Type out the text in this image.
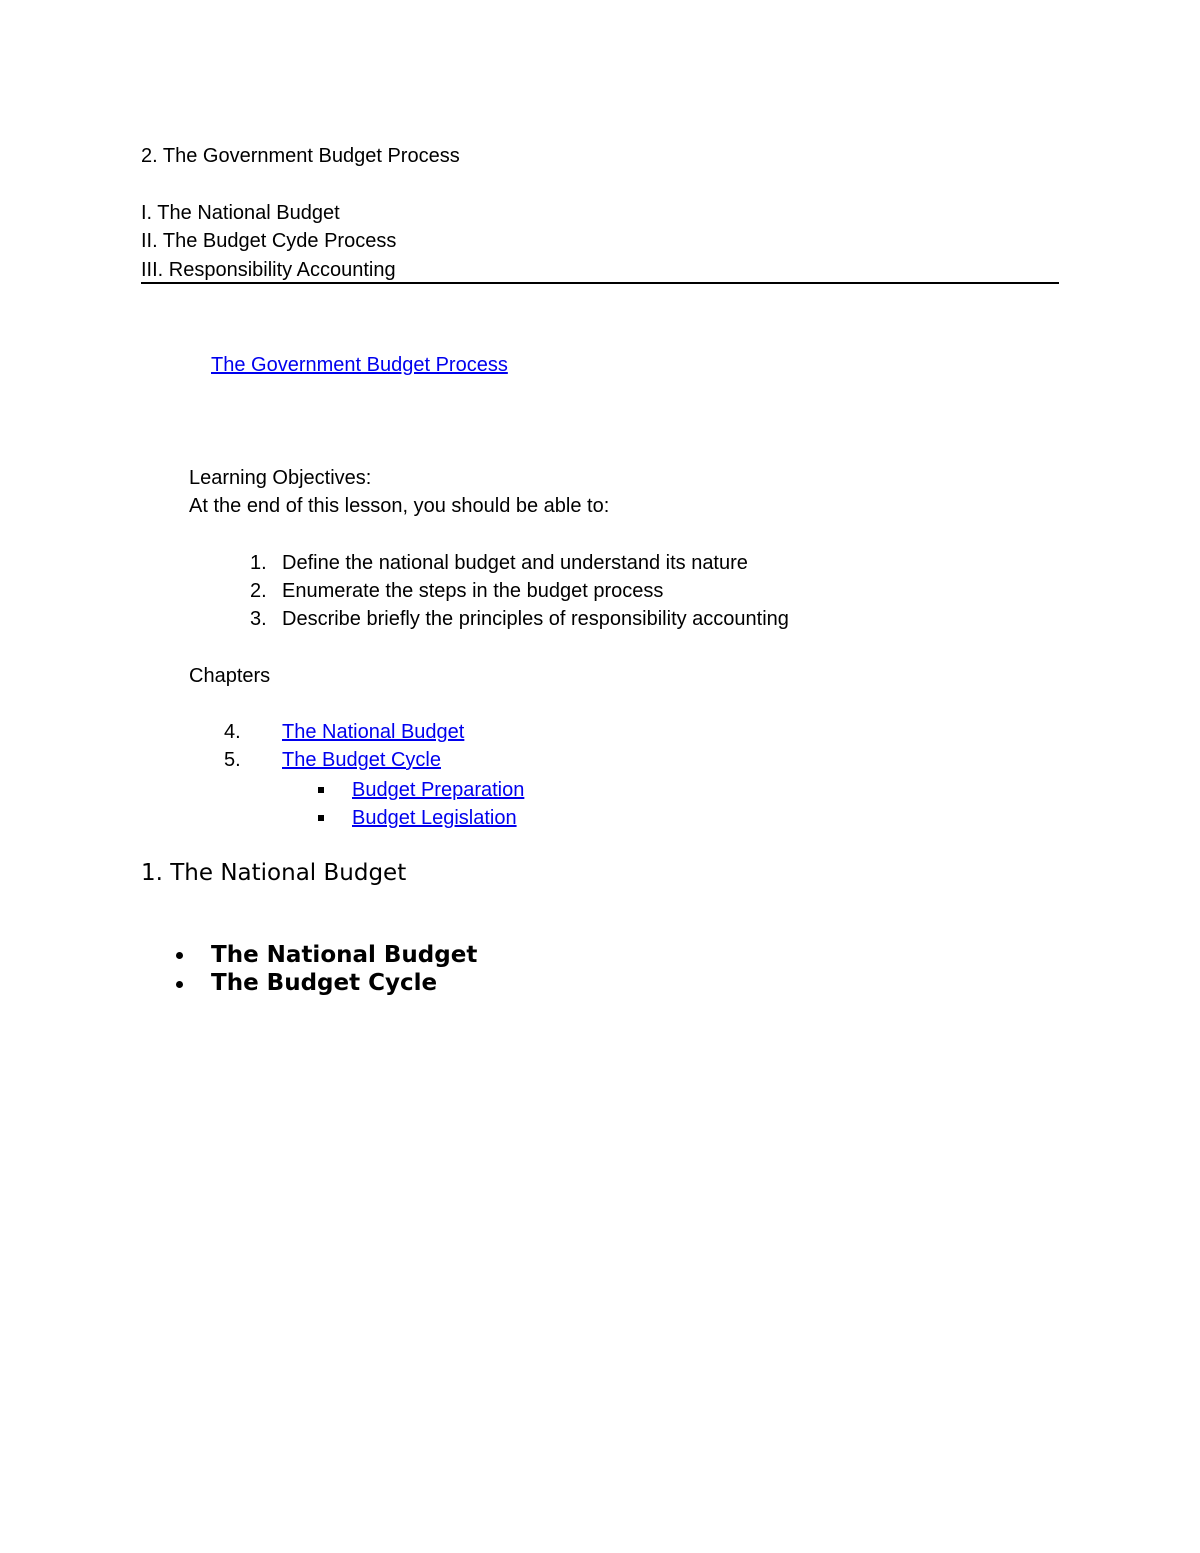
2. The Government Budget Process
I. The National Budget
II. The Budget Cyde Process
III. Responsibility Accounting
The Government Budget Process
Learning Objectives:
At the end of this lesson, you should be able to:
1. Define the national budget and understand its nature
2. Enumerate the steps in the budget process
3. Describe briefly the principles of responsibility accounting
Chapters
4. The National Budget
5. The Budget Cycle
Budget Preparation
Budget Legislation
1. The National Budget
The National Budget
The Budget Cycle
